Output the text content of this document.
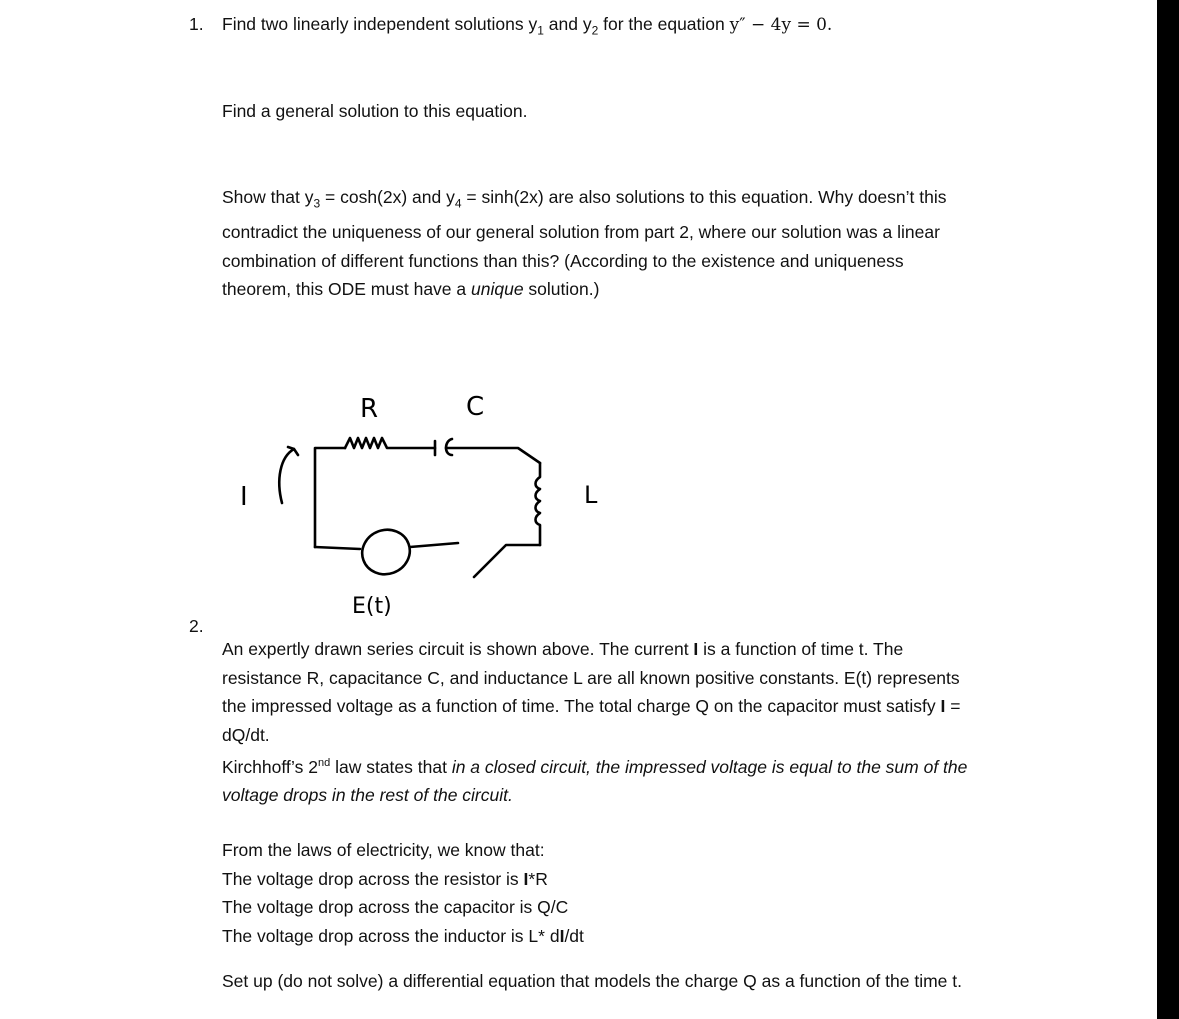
1. Find two linearly independent solutions $y_1$ and $y_2$ for the equation y″ − 4y = 0.
Find a general solution to this equation.
Show that $y_3 = \cosh(2x)$ and $y_4 = \sinh(2x)$ are also solutions to this equation. Why doesn’t this
contradict the uniqueness of our general solution from part 2, where our solution was a linear
combination of different functions than this? (According to the existence and uniqueness
theorem, this ODE must have a unique solution.)
R	C
I	L
E(t)
2.
An expertly drawn series circuit is shown above. The current I is a function of time t. The
resistance R, capacitance C, and inductance L are all known positive constants. E(t) represents
the impressed voltage as a function of time. The total charge Q on the capacitor must satisfy I =
dQ/dt.
Kirchhoff’s 2nd law states that in a closed circuit, the impressed voltage is equal to the sum of the
voltage drops in the rest of the circuit.
From the laws of electricity, we know that:
The voltage drop across the resistor is I*R
The voltage drop across the capacitor is Q/C
The voltage drop across the inductor is L* dI/dt
Set up (do not solve) a differential equation that models the charge Q as a function of the time t.
